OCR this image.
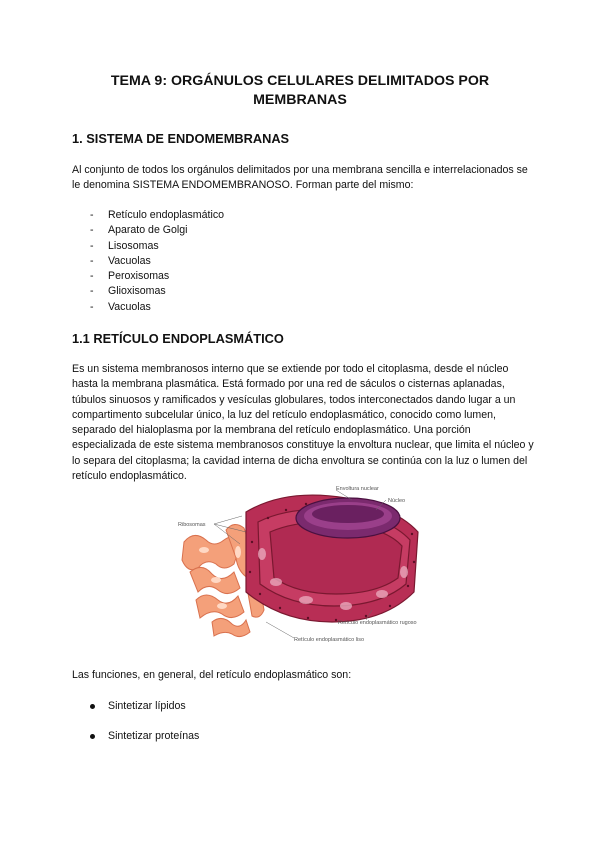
TEMA 9: ORGÁNULOS CELULARES DELIMITADOS POR
MEMBRANAS
1. SISTEMA DE ENDOMEMBRANAS

Al conjunto de todos los orgánulos delimitados por una membrana sencilla e interrelacionados se le denomina SISTEMA ENDOMEMBRANOSO. Forman parte del mismo:

- Retículo endoplasmático
- Aparato de Golgi
- Lisosomas
- Vacuolas
- Peroxisomas
- Glioxisomas
- Vacuolas
1.1 RETÍCULO ENDOPLASMÁTICO

Es un sistema membranosos interno que se extiende por todo el citoplasma, desde el núcleo hasta la membrana plasmática. Está formado por una red de sáculos o cisternas aplanadas, túbulos sinuosos y ramificados y vesículas globulares, todos interconectados dando lugar a un compartimento subcelular único, la luz del retículo endoplasmático, conocido como lumen, separado del hialoplasma por la membrana del retículo endoplasmático. Una porción especializada de este sistema membranosos constituye la envoltura nuclear, que limita el núcleo y lo separa del citoplasma; la cavidad interna de dicha envoltura se continúa con la luz o lumen del retículo endoplasmático.

Envoltura nuclear
Núcleo
Ribosomas
Retículo endoplasmático rugoso
Retículo endoplasmático liso

Las funciones, en general, del retículo endoplasmático son:

Sintetizar lípidos
Sintetizar proteínas
